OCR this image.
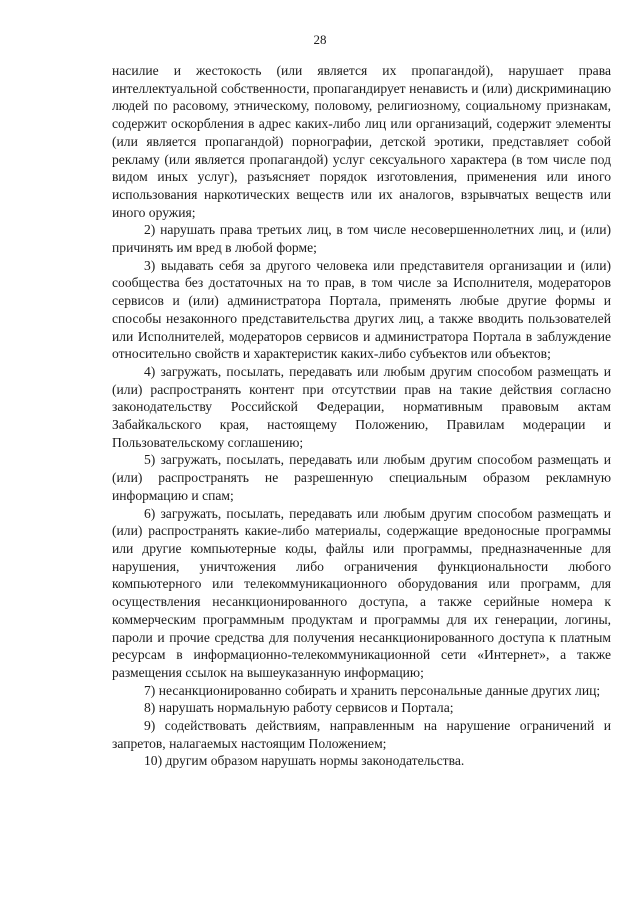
28

насилие и жестокость (или является их пропагандой), нарушает права интеллектуальной собственности, пропагандирует ненависть и (или) дискриминацию людей по расовому, этническому, половому, религиозному, социальному признакам, содержит оскорбления в адрес каких-либо лиц или организаций, содержит элементы (или является пропагандой) порнографии, детской эротики, представляет собой рекламу (или является пропагандой) услуг сексуального характера (в том числе под видом иных услуг), разъясняет порядок изготовления, применения или иного использования наркотических веществ или их аналогов, взрывчатых веществ или иного оружия;

2) нарушать права третьих лиц, в том числе несовершеннолетних лиц, и (или) причинять им вред в любой форме;

3) выдавать себя за другого человека или представителя организации и (или) сообщества без достаточных на то прав, в том числе за Исполнителя, модераторов сервисов и (или) администратора Портала, применять любые другие формы и способы незаконного представительства других лиц, а также вводить пользователей или Исполнителей, модераторов сервисов и администратора Портала в заблуждение относительно свойств и характеристик каких-либо субъектов или объектов;

4) загружать, посылать, передавать или любым другим способом размещать и (или) распространять контент при отсутствии прав на такие действия согласно законодательству Российской Федерации, нормативным правовым актам Забайкальского края, настоящему Положению, Правилам модерации и Пользовательскому соглашению;

5) загружать, посылать, передавать или любым другим способом размещать и (или) распространять не разрешенную специальным образом рекламную информацию и спам;

6) загружать, посылать, передавать или любым другим способом размещать и (или) распространять какие-либо материалы, содержащие вредоносные программы или другие компьютерные коды, файлы или программы, предназначенные для нарушения, уничтожения либо ограничения функциональности любого компьютерного или телекоммуникационного оборудования или программ, для осуществления несанкционированного доступа, а также серийные номера к коммерческим программным продуктам и программы для их генерации, логины, пароли и прочие средства для получения несанкционированного доступа к платным ресурсам в информационно-телекоммуникационной сети «Интернет», а также размещения ссылок на вышеуказанную информацию;

7) несанкционированно собирать и хранить персональные данные других лиц;

8) нарушать нормальную работу сервисов и Портала;

9) содействовать действиям, направленным на нарушение ограничений и запретов, налагаемых настоящим Положением;

10) другим образом нарушать нормы законодательства.
